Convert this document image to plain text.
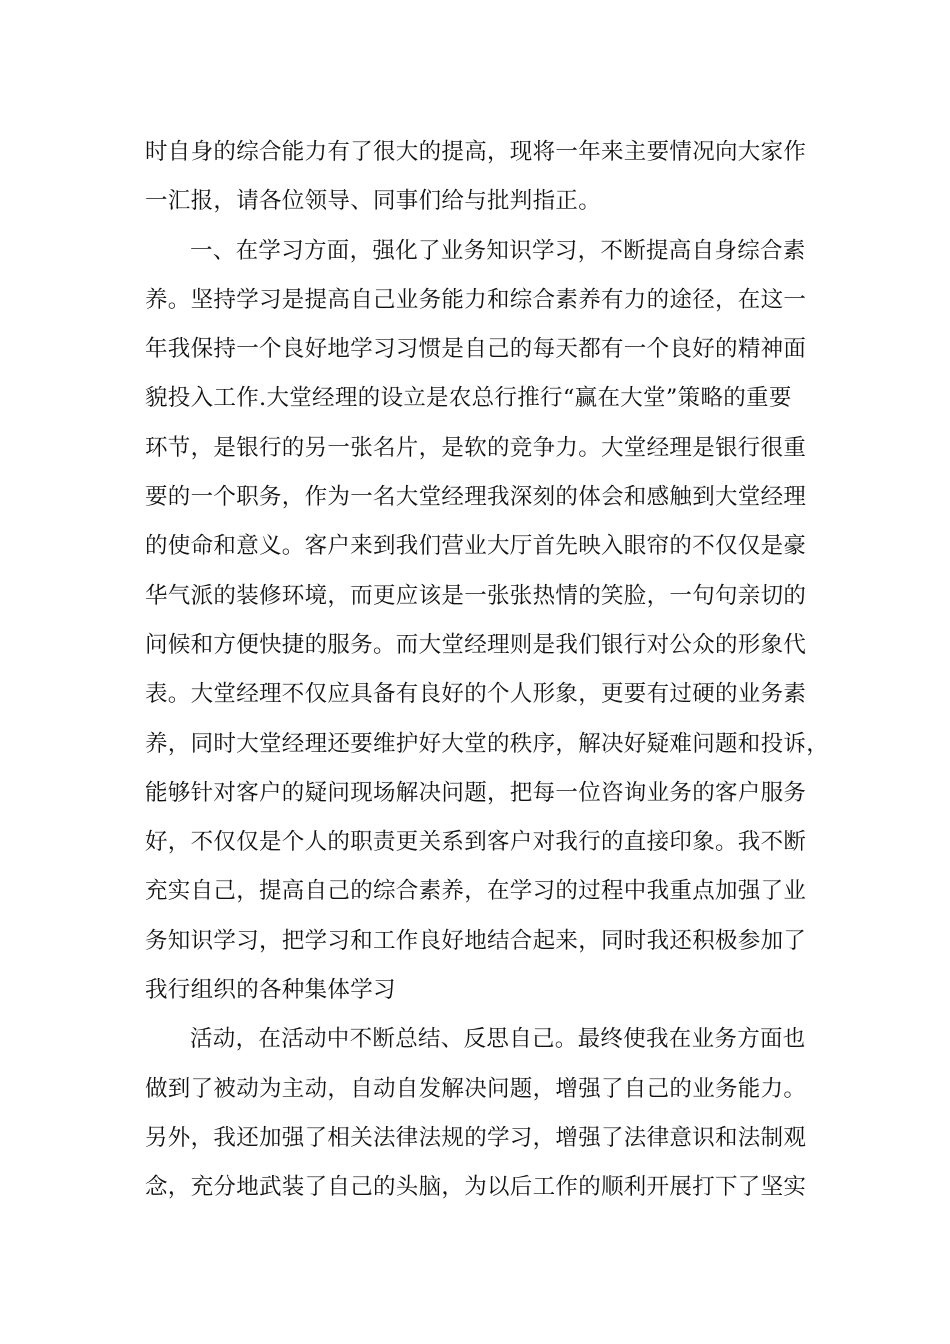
时自身的综合能力有了很大的提高，现将一年来主要情况向大家作
一汇报，请各位领导、同事们给与批判指正。
一、在学习方面，强化了业务知识学习，不断提高自身综合素
养。坚持学习是提高自己业务能力和综合素养有力的途径，在这一
年我保持一个良好地学习习惯是自己的每天都有一个良好的精神面
貌投入工作.大堂经理的设立是农总行推行“赢在大堂”策略的重要
环节，是银行的另一张名片，是软的竞争力。大堂经理是银行很重
要的一个职务，作为一名大堂经理我深刻的体会和感触到大堂经理
的使命和意义。客户来到我们营业大厅首先映入眼帘的不仅仅是豪
华气派的装修环境，而更应该是一张张热情的笑脸，一句句亲切的
问候和方便快捷的服务。而大堂经理则是我们银行对公众的形象代
表。大堂经理不仅应具备有良好的个人形象，更要有过硬的业务素
养，同时大堂经理还要维护好大堂的秩序，解决好疑难问题和投诉，
能够针对客户的疑问现场解决问题，把每一位咨询业务的客户服务
好，不仅仅是个人的职责更关系到客户对我行的直接印象。我不断
充实自己，提高自己的综合素养，在学习的过程中我重点加强了业
务知识学习，把学习和工作良好地结合起来，同时我还积极参加了
我行组织的各种集体学习
活动，在活动中不断总结、反思自己。最终使我在业务方面也
做到了被动为主动，自动自发解决问题，增强了自己的业务能力。
另外，我还加强了相关法律法规的学习，增强了法律意识和法制观
念，充分地武装了自己的头脑，为以后工作的顺利开展打下了坚实
